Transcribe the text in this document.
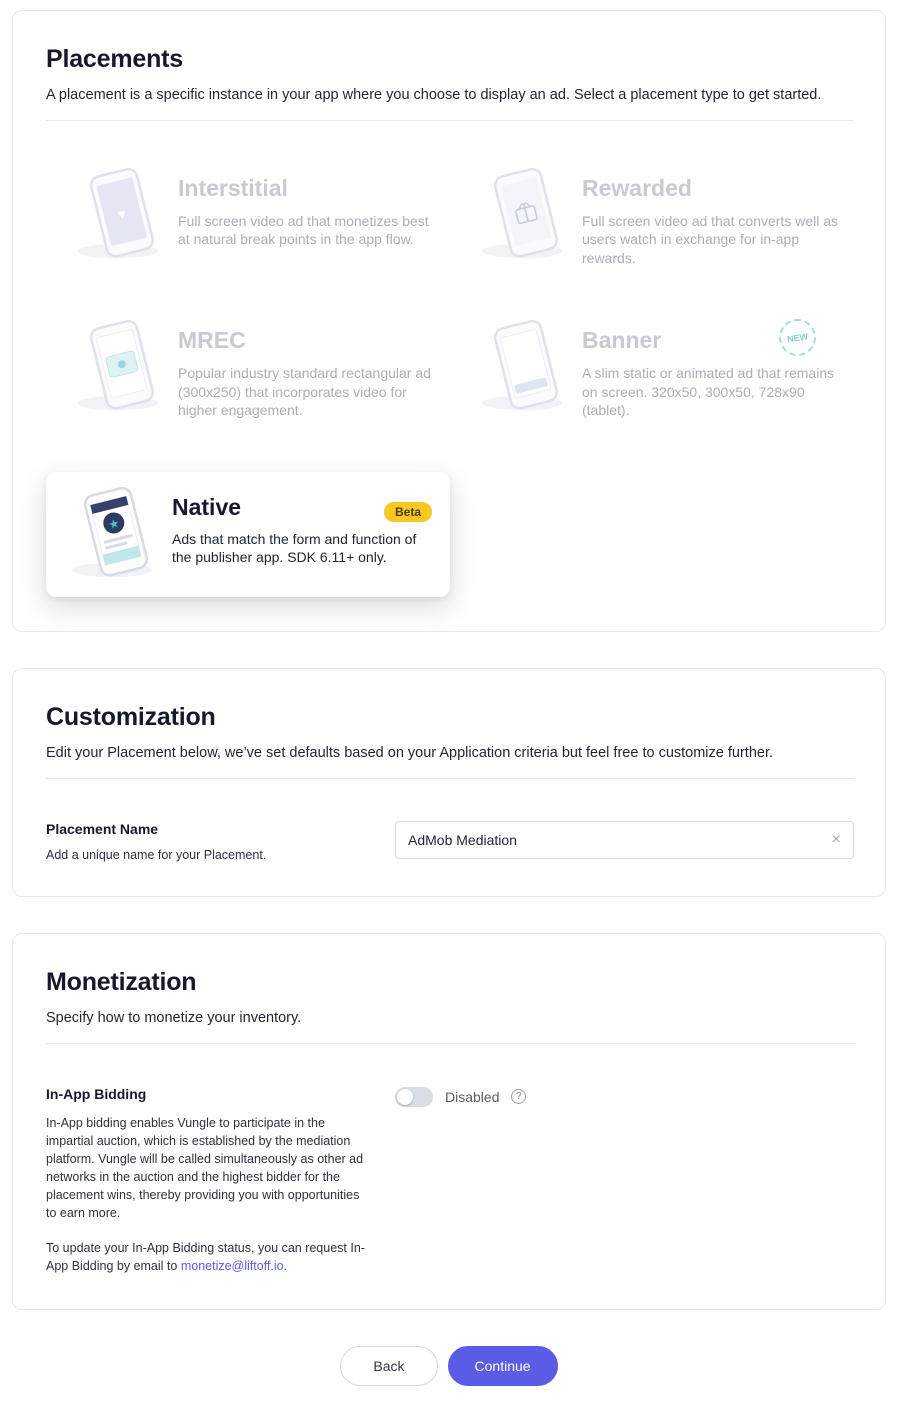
Placements

A placement is a specific instance in your app where you choose to display an ad. Select a placement type to get started.

♥
Interstitial
Full screen video ad that monetizes best at natural break points in the app flow.
Rewarded
Full screen video ad that converts well as users watch in exchange for in-app rewards.
MREC
Popular industry standard rectangular ad (300x250) that incorporates video for higher engagement.
Banner
A slim static or animated ad that remains on screen. 320x50, 300x50, 728x90 (tablet).
NEW
★
Native	Beta
Ads that match the form and function of the publisher app. SDK 6.11+ only.
Customization

Edit your Placement below, we’ve set defaults based on your Application criteria but feel free to customize further.

Placement Name
Add a unique name for your Placement.
AdMob Mediation
×
Monetization

Specify how to monetize your inventory.

In-App Bidding

In-App bidding enables Vungle to participate in the impartial auction, which is established by the mediation platform. Vungle will be called simultaneously as other ad networks in the auction and the highest bidder for the placement wins, thereby providing you with opportunities to earn more.

To update your In-App Bidding status, you can request In-App Bidding by email to monetize@liftoff.io.

Disabled	?
Back	Continue
